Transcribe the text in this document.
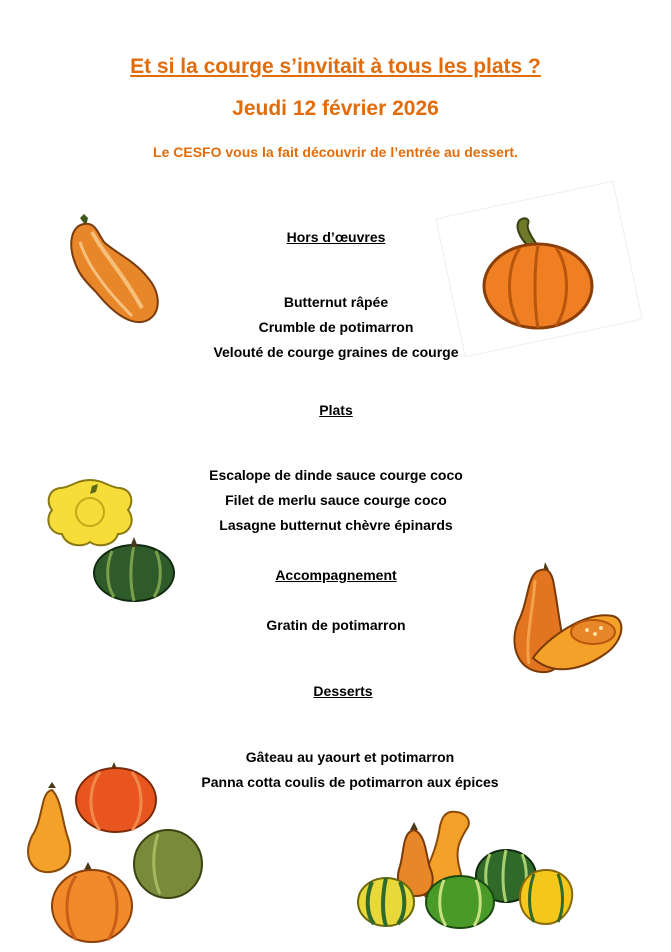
Et si la courge s’invitait à tous les plats ?
Jeudi 12 février 2026

Le CESFO vous la fait découvrir de l’entrée au dessert.

Hors d’œuvres

Butternut râpée

Crumble de potimarron

Velouté de courge graines de courge

Plats

Escalope de dinde sauce courge coco

Filet de merlu sauce courge coco

Lasagne butternut chèvre épinards

Accompagnement

Gratin de potimarron

Desserts

Gâteau au yaourt et potimarron

Panna cotta coulis de potimarron aux épices

·
